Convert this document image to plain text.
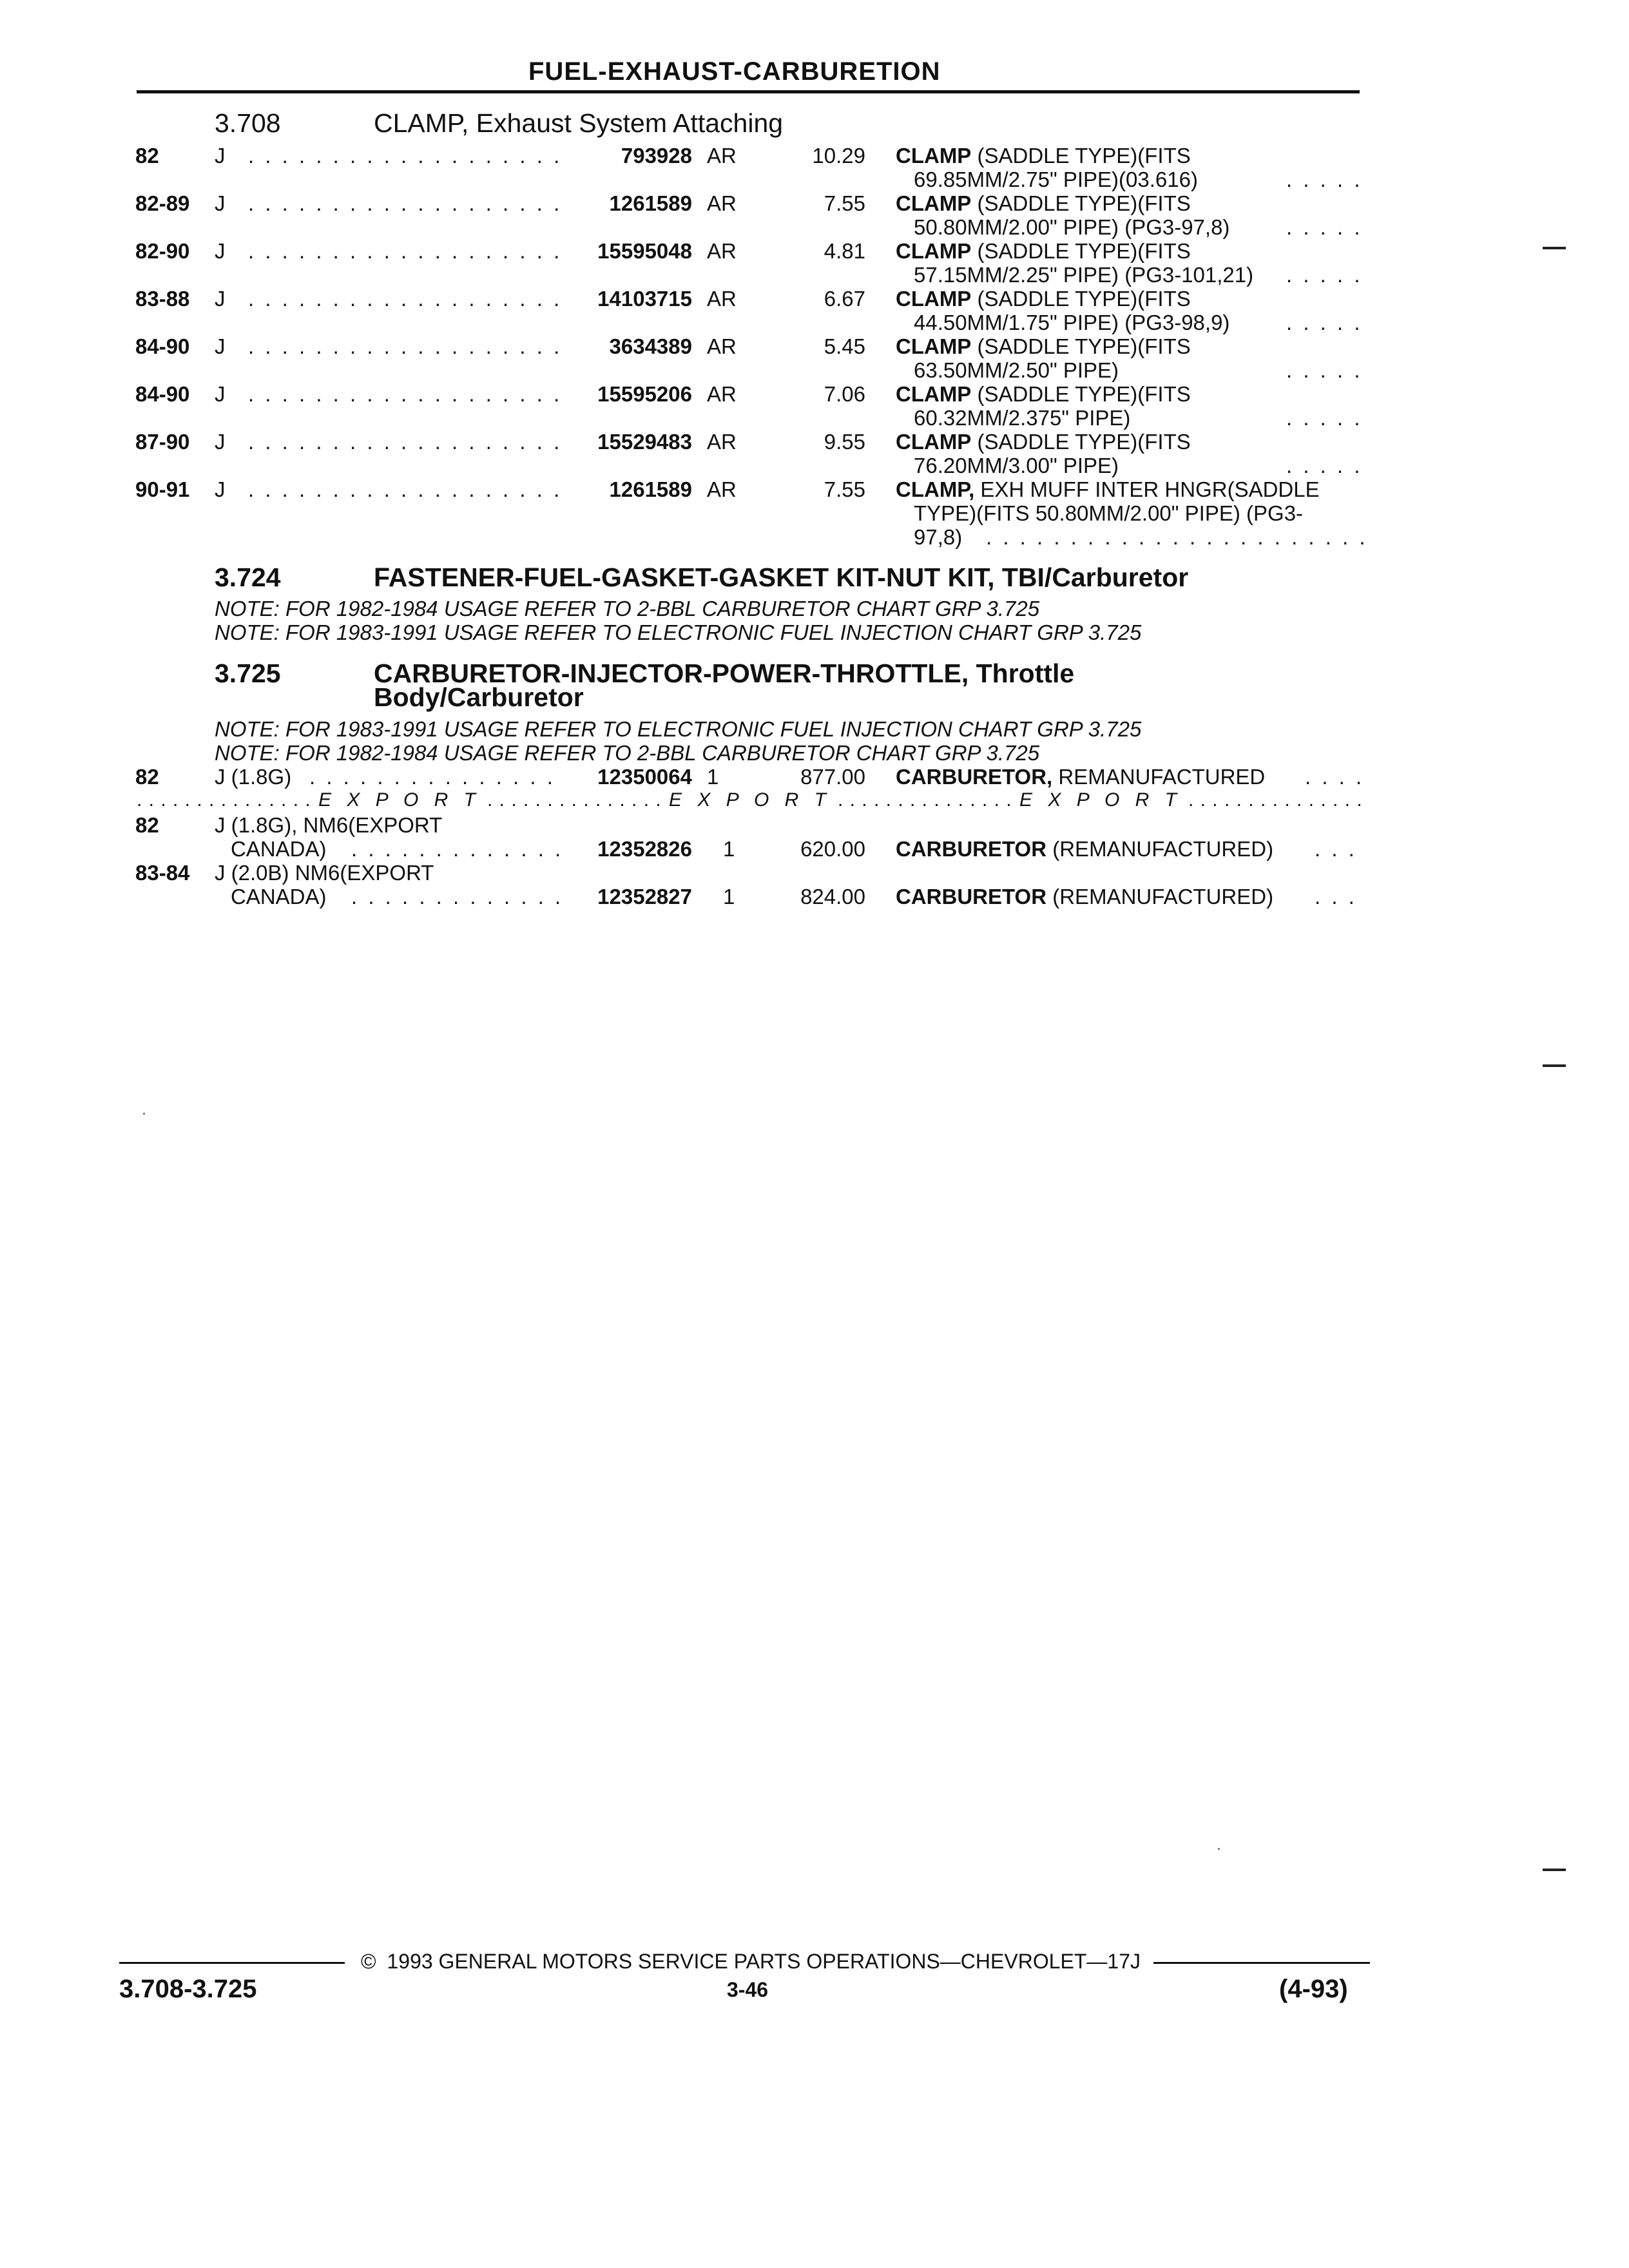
FUEL-EXHAUST-CARBURETION
3.708	CLAMP, Exhaust System Attaching
82	J . . .	793928 AR	10.29 CLAMP (SADDLE TYPE)(FITS
69.85MM/2.75" PIPE)(03.616)
. . .
82-89 J . . .	1261589 AR	7.55 CLAMP (SADDLE TYPE)(FITS
50.80MM/2.00" PIPE) (PG3-97,8)
. . .
82-90 J . . .	15595048 AR	4.81 CLAMP (SADDLE TYPE)(FITS
57.15MM/2.25" PIPE) (PG3-101,21)
. . .
83-88 J . . .	14103715 AR	6.67 CLAMP (SADDLE TYPE)(FITS
44.50MM/1.75" PIPE) (PG3-98,9)
. . .
84-90 J . . .	3634389 AR	5.45 CLAMP (SADDLE TYPE)(FITS
63.50MM/2.50" PIPE)
. . .
84-90 J . . .	15595206 AR	7.06 CLAMP (SADDLE TYPE)(FITS
60.32MM/2.375" PIPE)
. . .
87-90 J . . .	15529483 AR	9.55 CLAMP (SADDLE TYPE)(FITS
76.20MM/3.00" PIPE)
. . .
90-91 J . . .	1261589 AR	7.55 CLAMP, EXH MUFF INTER HNGR(SADDLE
TYPE)(FITS 50.80MM/2.00" PIPE) (PG3-
97,8)
. . .
3.724	FASTENER-FUEL-GASKET-GASKET KIT-NUT KIT, TBI/Carburetor
NOTE: FOR 1982-1984 USAGE REFER TO 2-BBL CARBURETOR CHART GRP 3.725
NOTE: FOR 1983-1991 USAGE REFER TO ELECTRONIC FUEL INJECTION CHART GRP 3.725
3.725	CARBURETOR-INJECTOR-POWER-THROTTLE, Throttle
Body/Carburetor
NOTE: FOR 1983-1991 USAGE REFER TO ELECTRONIC FUEL INJECTION CHART GRP 3.725
NOTE: FOR 1982-1984 USAGE REFER TO 2-BBL CARBURETOR CHART GRP 3.725
82	J (1.8G) . . .	12350064 1	877.00 CARBURETOR, REMANUFACTURED
. . .
. . .
E X P O R T . . .	E X P O R T . . .	E X P O R T
. . .
82	J (1.8G), NM6(EXPORT
CANADA) . . .	12352826 1	620.00 CARBURETOR (REMANUFACTURED)
. . .
83-84 J (2.0B) NM6(EXPORT
CANADA) . . .	12352827 1	824.00 CARBURETOR (REMANUFACTURED)
. . .
© 1993 GENERAL MOTORS SERVICE PARTS OPERATIONS—CHEVROLET—17J
3.708-3.725	3-46	(4-93)
